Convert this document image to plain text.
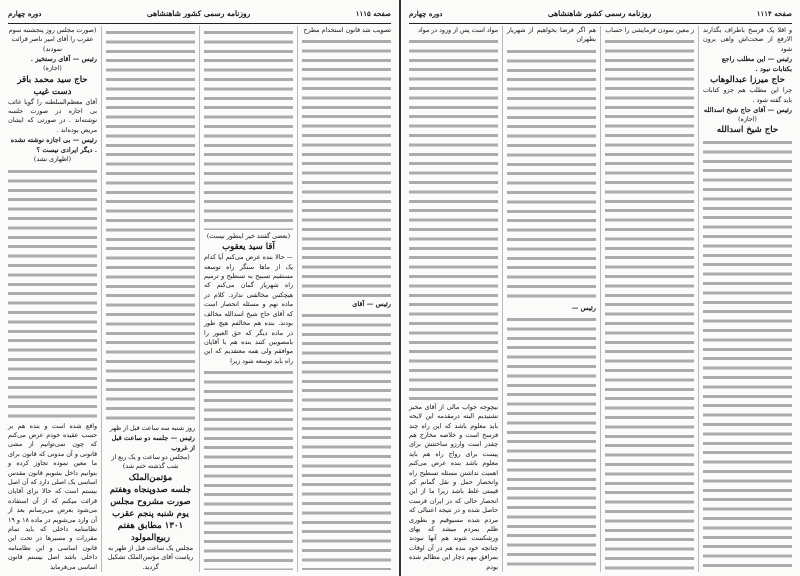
دوره چهارم	روزنامه رسمی کشور شاهنشاهی	صفحه ۱۱۱۵
تصویب شد قانون استخدام مطرح
رئیس — آقای
(بعضی گفتند خیر اینطور نیست)
آقا سید یعقوب
— حالا بنده عرض می‌کنم آیا کدام یک از ماها سنگر راه توسعه مستقیم تسبیح به تسطیح و ترمیم راه شهریار گمان می‌کنم که هیچکس مخالفتی ندارد. کلام در ماده نهم و مسئله انحصار است که آقای حاج شیخ اسدالله مخالف بودند. بنده هم مخالفم هیچ طور در ماده دیگر که حق العبور را بامصوبین کنند بنده هم با آقایان موافقم ولی همه معتقدیم که این راه باید توسعه شود زیرا
روز شنبه سه ساعت قبل از ظهر
رئیس — جلسه دو ساعت قبل از غروب
(مجلس دو ساعت و یک ربع از شب گذشته ختم شد)
مؤتمن‌الملک
جلسه صدوپنجاه وهفتم
صورت مشروح مجلس یوم شنبه پنجم عقرب ۱۳۰۱ مطابق هفتم ربیع‌المولود
مجلس یک ساعت قبل از ظهر به ریاست آقای مؤتمن‌الملک تشکیل گردید.
(صورت مجلس روز پنجشنبه سوم عقرب را آقای امیر ناصر قرائت نمودند)
رئیس — آقای رستخیز .
(اجازه)
حاج سید محمد باقر دست غیب
آقای معظم‌السلطنه را گویا غائب بی اجازه در صورت جلسه نوشته‌اند . در صورتی که ایشان مریض بوده‌اند .
رئیس — بی اجازه نوشته نشده . دیگر ایرادی نیست ؟
(اظهاری نشد)
واقع شده است و بنده هم بر حسب عقیده خودم عرض می‌کنم که چون نمی‌توانیم از مشی قانونی و آن مدونی که قانون برای ما معین نموده تجاوز کرده و بتوانیم داخل بشویم قانون مقدس اساسی یک اصلی دارد که آن اصل بیستم است که حالا برای آقایان قرائت میکنم که از آن استفاده می‌شود بعرض می‌رسانم بعد از آن وارد می‌شویم در ماده ۱۸ و ۱۹ نظامنامه داخلی که باید تمام مقررات و مسیرها در تحت این قانون اساسی و این نظامنامه داخلی باشد اصل بیستم قانون اساسی می‌فرماید
دوره چهارم	روزنامه رسمی کشور شاهنشاهی	صفحه ۱۱۱۴
و اقلا یک فرسخ باطراف بگذارند الارفع از صحت‌اش واهی برون شود
رئیس — این مطلب راجع بکتابات نبود .
حاج میرزا عبدالوهاب
چرا این مطلب هم جزو کتابات باید گفته شود .
رئیس — آقای حاج شیخ اسدالله
(اجازه)
حاج شیخ اسدالله
ز معین نمودن فرمایشی را حساب
هم اگر فرضا بخواهیم از شهریار بطهران
رئیس —
مواد است پس از ورود در مواد
بیچوجه جواب مالی از آقای مخبر نشنیدیم البته درمقدمه این لایحه باید معلوم باشد که این راه چند فرسخ است و خلاصه مخارج هم چقدر است وارزو ساختنش برای پیست برای رواج راه هم باید معلوم باشد بنده عرض می‌کنم اهمیت نداشتن مسئله تسطیح راه وانحصار حمل و نقل گمانم کم قیمتی غلط باشد زیرا ما از این انحصار حالی که در ایران فرست حاصل شده و در نتیجه اعتبالی که مردم شده مسیوقیم و بطوری ظلم بمردم میشد که بهای ورشکست شوند هم آنها نبودند چنانچه خود بنده هم در آن اوقات بمرافق مهم دچار این مظالم شده بودم
